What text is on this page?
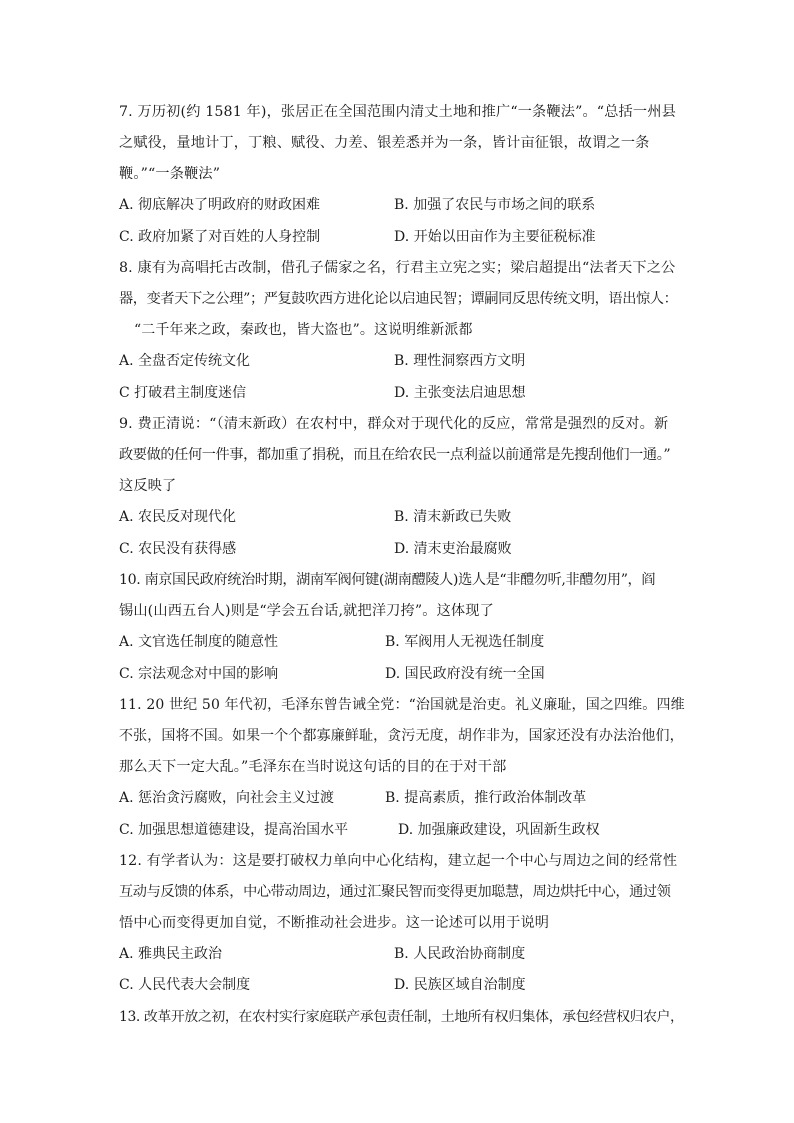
7. 万历初(约 1581 年)，张居正在全国范围内清丈土地和推广“一条鞭法”。“总括一州县
之赋役，量地计丁，丁粮、赋役、力差、银差悉并为一条，皆计亩征银，故谓之一条
鞭。”“一条鞭法”
A. 彻底解决了明政府的财政困难	B. 加强了农民与市场之间的联系
C. 政府加紧了对百姓的人身控制	D. 开始以田亩作为主要征税标准
8. 康有为高唱托古改制，借孔子儒家之名，行君主立宪之实；梁启超提出“法者天下之公
器，变者天下之公理”；严复鼓吹西方进化论以启迪民智；谭嗣同反思传统文明，语出惊人：
“二千年来之政，秦政也，皆大盗也”。这说明维新派都
A. 全盘否定传统文化	B. 理性洞察西方文明
C 打破君主制度迷信	D. 主张变法启迪思想
9. 费正清说：“（清末新政）在农村中，群众对于现代化的反应，常常是强烈的反对。新
政要做的任何一件事，都加重了捐税，而且在给农民一点利益以前通常是先搜刮他们一通。”
这反映了
A. 农民反对现代化	B. 清末新政已失败
C. 农民没有获得感	D. 清末吏治最腐败
10. 南京国民政府统治时期，湖南军阀何键(湖南醴陵人)选人是“非醴勿听,非醴勿用”，阎
锡山(山西五台人)则是“学会五台话,就把洋刀挎”。这体现了
A. 文官选任制度的随意性	B. 军阀用人无视选任制度
C. 宗法观念对中国的影响	D. 国民政府没有统一全国
11. 20 世纪 50 年代初，毛泽东曾告诫全党：“治国就是治吏。礼义廉耻，国之四维。四维
不张，国将不国。如果一个个都寡廉鲜耻，贪污无度，胡作非为，国家还没有办法治他们，
那么天下一定大乱。”毛泽东在当时说这句话的目的在于对干部
A. 惩治贪污腐败，向社会主义过渡	B. 提高素质，推行政治体制改革
C. 加强思想道德建设，提高治国水平	D. 加强廉政建设，巩固新生政权
12. 有学者认为：这是要打破权力单向中心化结构，建立起一个中心与周边之间的经常性
互动与反馈的体系，中心带动周边，通过汇聚民智而变得更加聪慧，周边烘托中心，通过领
悟中心而变得更加自觉，不断推动社会进步。这一论述可以用于说明
A. 雅典民主政治	B. 人民政治协商制度
C. 人民代表大会制度	D. 民族区域自治制度
13. 改革开放之初，在农村实行家庭联产承包责任制，土地所有权归集体，承包经营权归农户，
